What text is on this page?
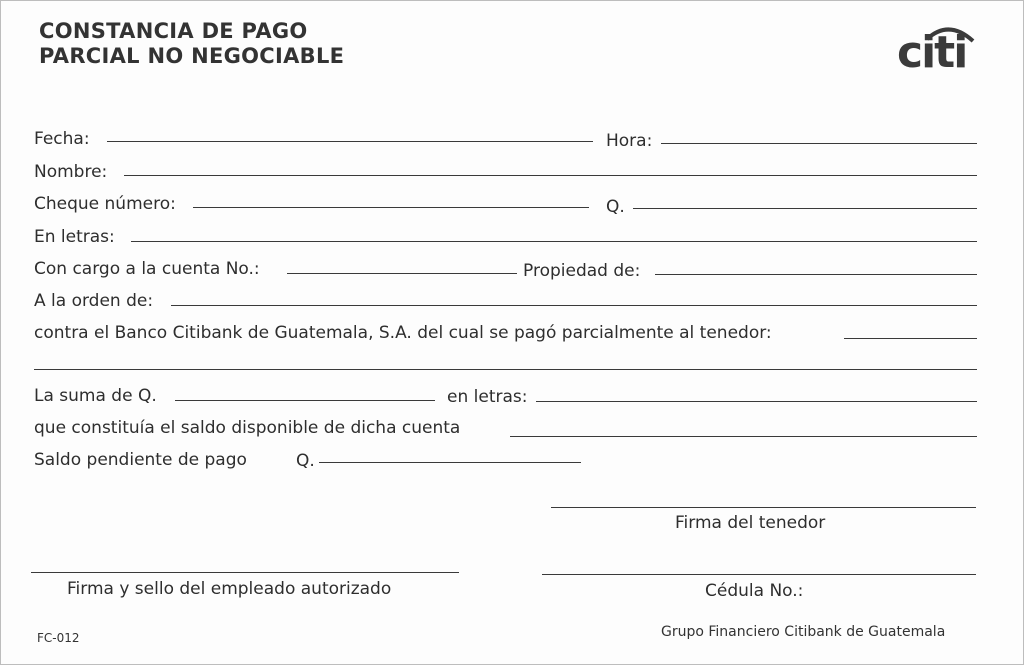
CONSTANCIA DE PAGO
PARCIAL NO NEGOCIABLE	citi
Fecha:	Hora:
Nombre:
Cheque número:	Q.
En letras:
Con cargo a la cuenta No.:	Propiedad de:
A la orden de:
contra el Banco Citibank de Guatemala, S.A. del cual se pagó parcialmente al tenedor:
La suma de Q.	en letras:
que constituía el saldo disponible de dicha cuenta
Saldo pendiente de pago	Q.
Firma del tenedor
Firma y sello del empleado autorizado	Cédula No.:
FC-012	Grupo Financiero Citibank de Guatemala
